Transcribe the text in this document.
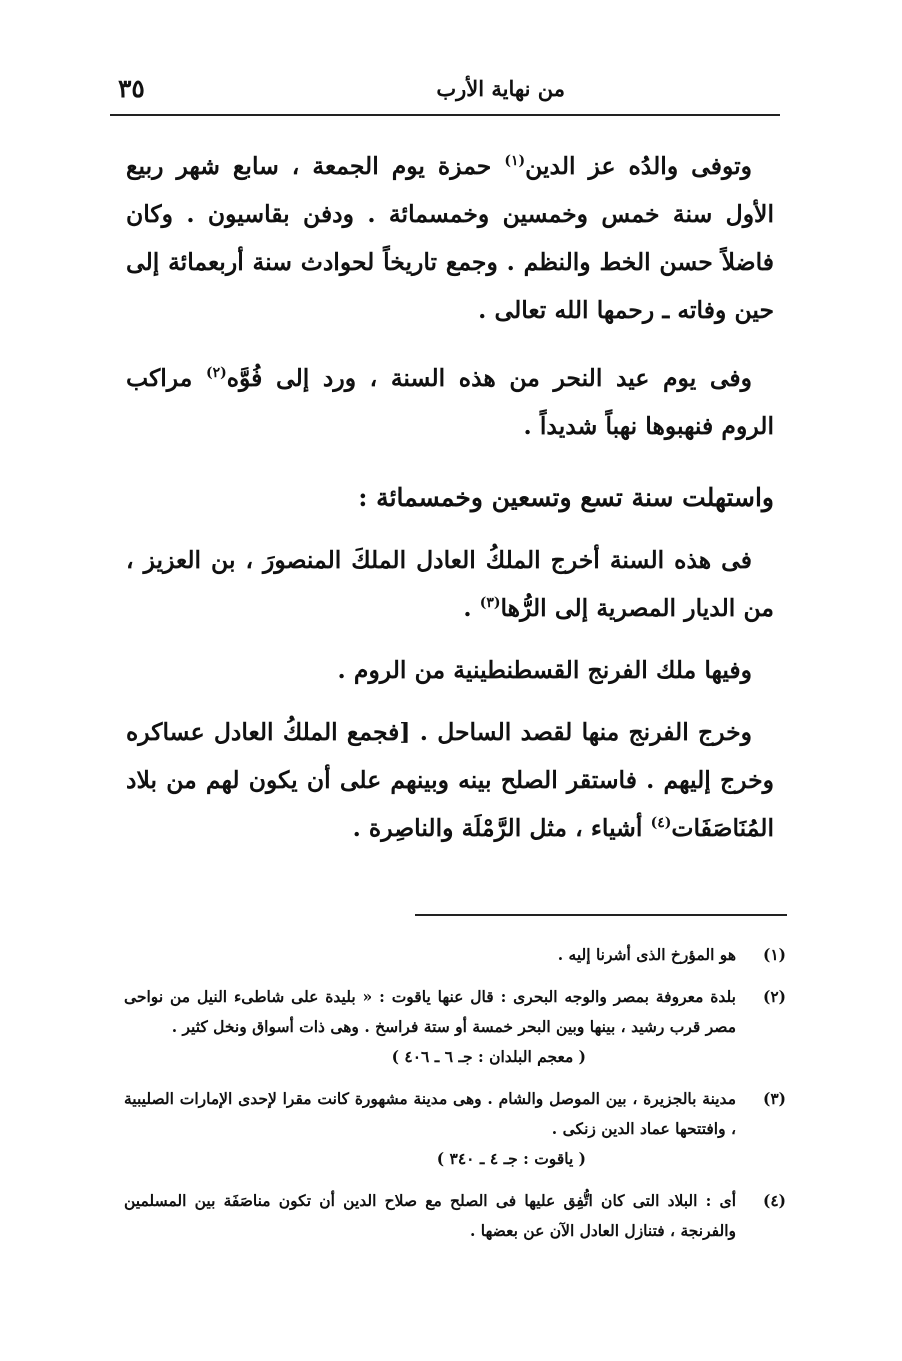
من نهاية الأرب
٣٥

وتوفى والدُه عز الدين$^{(١)}$ حمزة يوم الجمعة ، سابع شهر ربيع الأول سنة خمس وخمسين وخمسمائة . ودفن بقاسيون . وكان فاضلاً حسن الخط والنظم . وجمع تاريخاً لحوادث سنة أربعمائة إلى حين وفاته ـ رحمها الله تعالى .

وفى يوم عيد النحر من هذه السنة ، ورد إلى فُوَّه$^{(٢)}$ مراكب الروم فنهبوها نهباً شديداً .

واستهلت سنة تسع وتسعين وخمسمائة :

فى هذه السنة أخرج الملكُ العادل الملكَ المنصورَ ، بن العزيز ، من الديار المصرية إلى الرُّها$^{(٣)}$ .

وفيها ملك الفرنج القسطنطينية من الروم .

وخرج الفرنج منها لقصد الساحل . [فجمع الملكُ العادل عساكره وخرج إليهم . فاستقر الصلح بينه وبينهم على أن يكون لهم من بلاد المُنَاصَفَات$^{(٤)}$ أشياء ، مثل الرَّمْلَة والناصِرة .

(١)
هو المؤرخ الذى أشرنا إليه .
(٢)
بلدة معروفة بمصر والوجه البحرى : قال عنها ياقوت : « بليدة على شاطىء النيل من نواحى مصر قرب رشيد ، بينها وبين البحر خمسة أو ستة فراسخ . وهى ذات أسواق ونخل كثير .

( معجم البلدان : جـ ٦ ـ ٤٠٦ )

(٣)
مدينة بالجزيرة ، بين الموصل والشام . وهى مدينة مشهورة كانت مقرا لإحدى الإمارات الصليبية ، وافتتحها عماد الدين زنكى .

( ياقوت : جـ ٤ ـ ٣٤٠ )

(٤)
أى : البلاد التى كان اتُّفِق عليها فى الصلح مع صلاح الدين أن تكون مناصَفَة بين المسلمين والفرنجة ، فتنازل العادل الآن عن بعضها .
